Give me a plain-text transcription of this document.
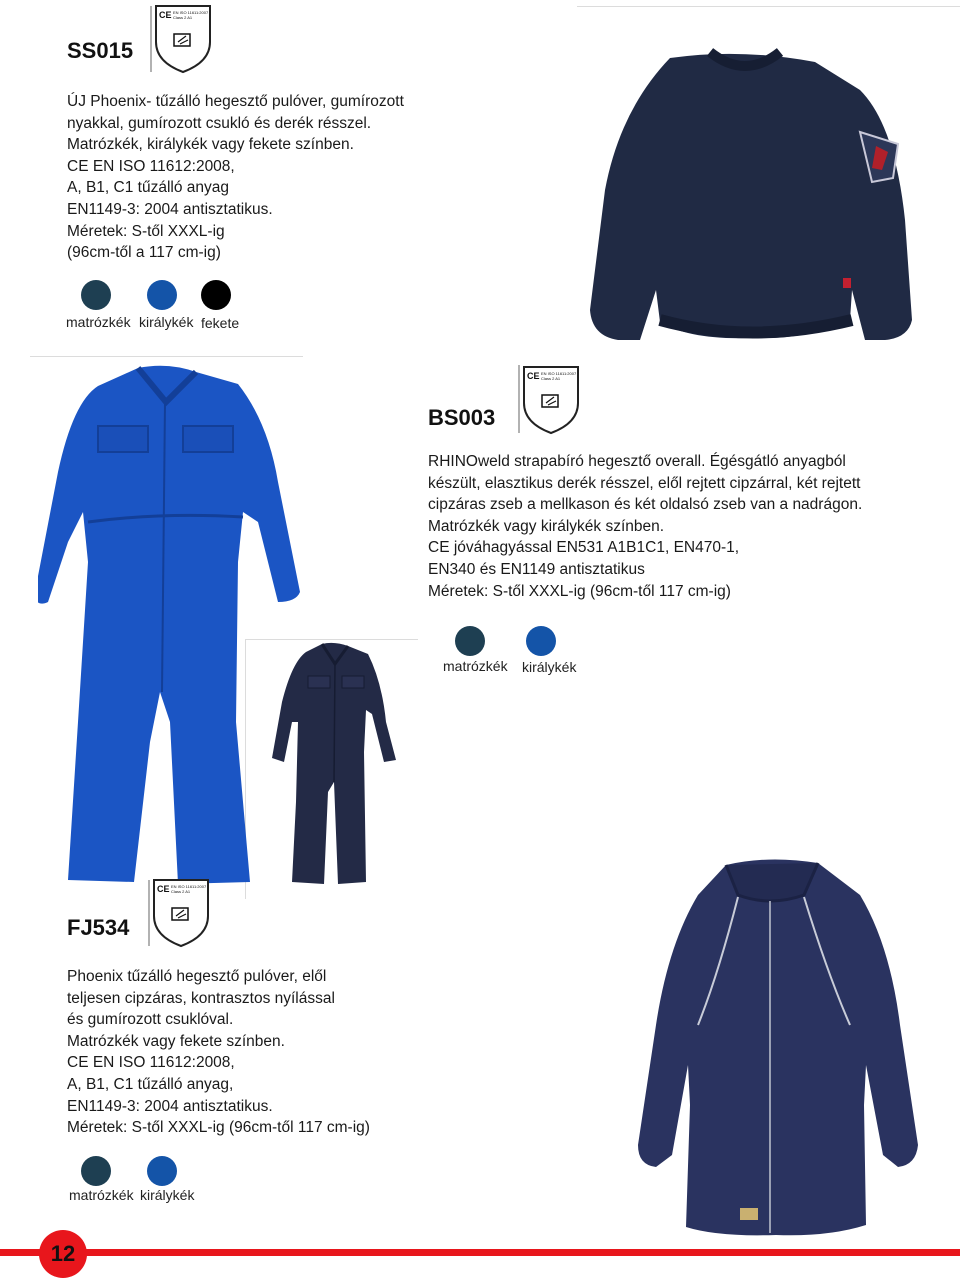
SS015
CE EN ISO 11611:2007
Class 2 A1
ÚJ Phoenix- tűzálló hegesztő pulóver, gumírozott
nyakkal, gumírozott csukló és derék résszel.
Matrózkék, királykék vagy fekete színben.
CE EN ISO 11612:2008,
A, B1, C1 tűzálló anyag
EN1149-3: 2004 antisztatikus.
Méretek: S-től XXXL-ig
(96cm-től a 117 cm-ig)
matrózkék királykék fekete
CE EN ISO 11611:2007
Class 2 A1
BS003
RHINOweld strapabíró hegesztő overall. Égésgátló anyagból
készült, elasztikus derék résszel, elől rejtett cipzárral, két rejtett
cipzáras zseb a mellkason és két oldalsó zseb van a nadrágon.
Matrózkék vagy királykék színben.
CE jóváhagyással EN531 A1B1C1, EN470-1,
EN340 és EN1149 antisztatikus
Méretek: S-től XXXL-ig (96cm-től 117 cm-ig)
matrózkék királykék
FJ534
CE EN ISO 11611:2007
Class 2 A1
Phoenix tűzálló hegesztő pulóver, elől
teljesen cipzáras, kontrasztos nyílással
és gumírozott csuklóval.
Matrózkék vagy fekete színben.
CE EN ISO 11612:2008,
A, B1, C1 tűzálló anyag,
EN1149-3: 2004 antisztatikus.
Méretek: S-től XXXL-ig (96cm-től 117 cm-ig)
matrózkék királykék
12
